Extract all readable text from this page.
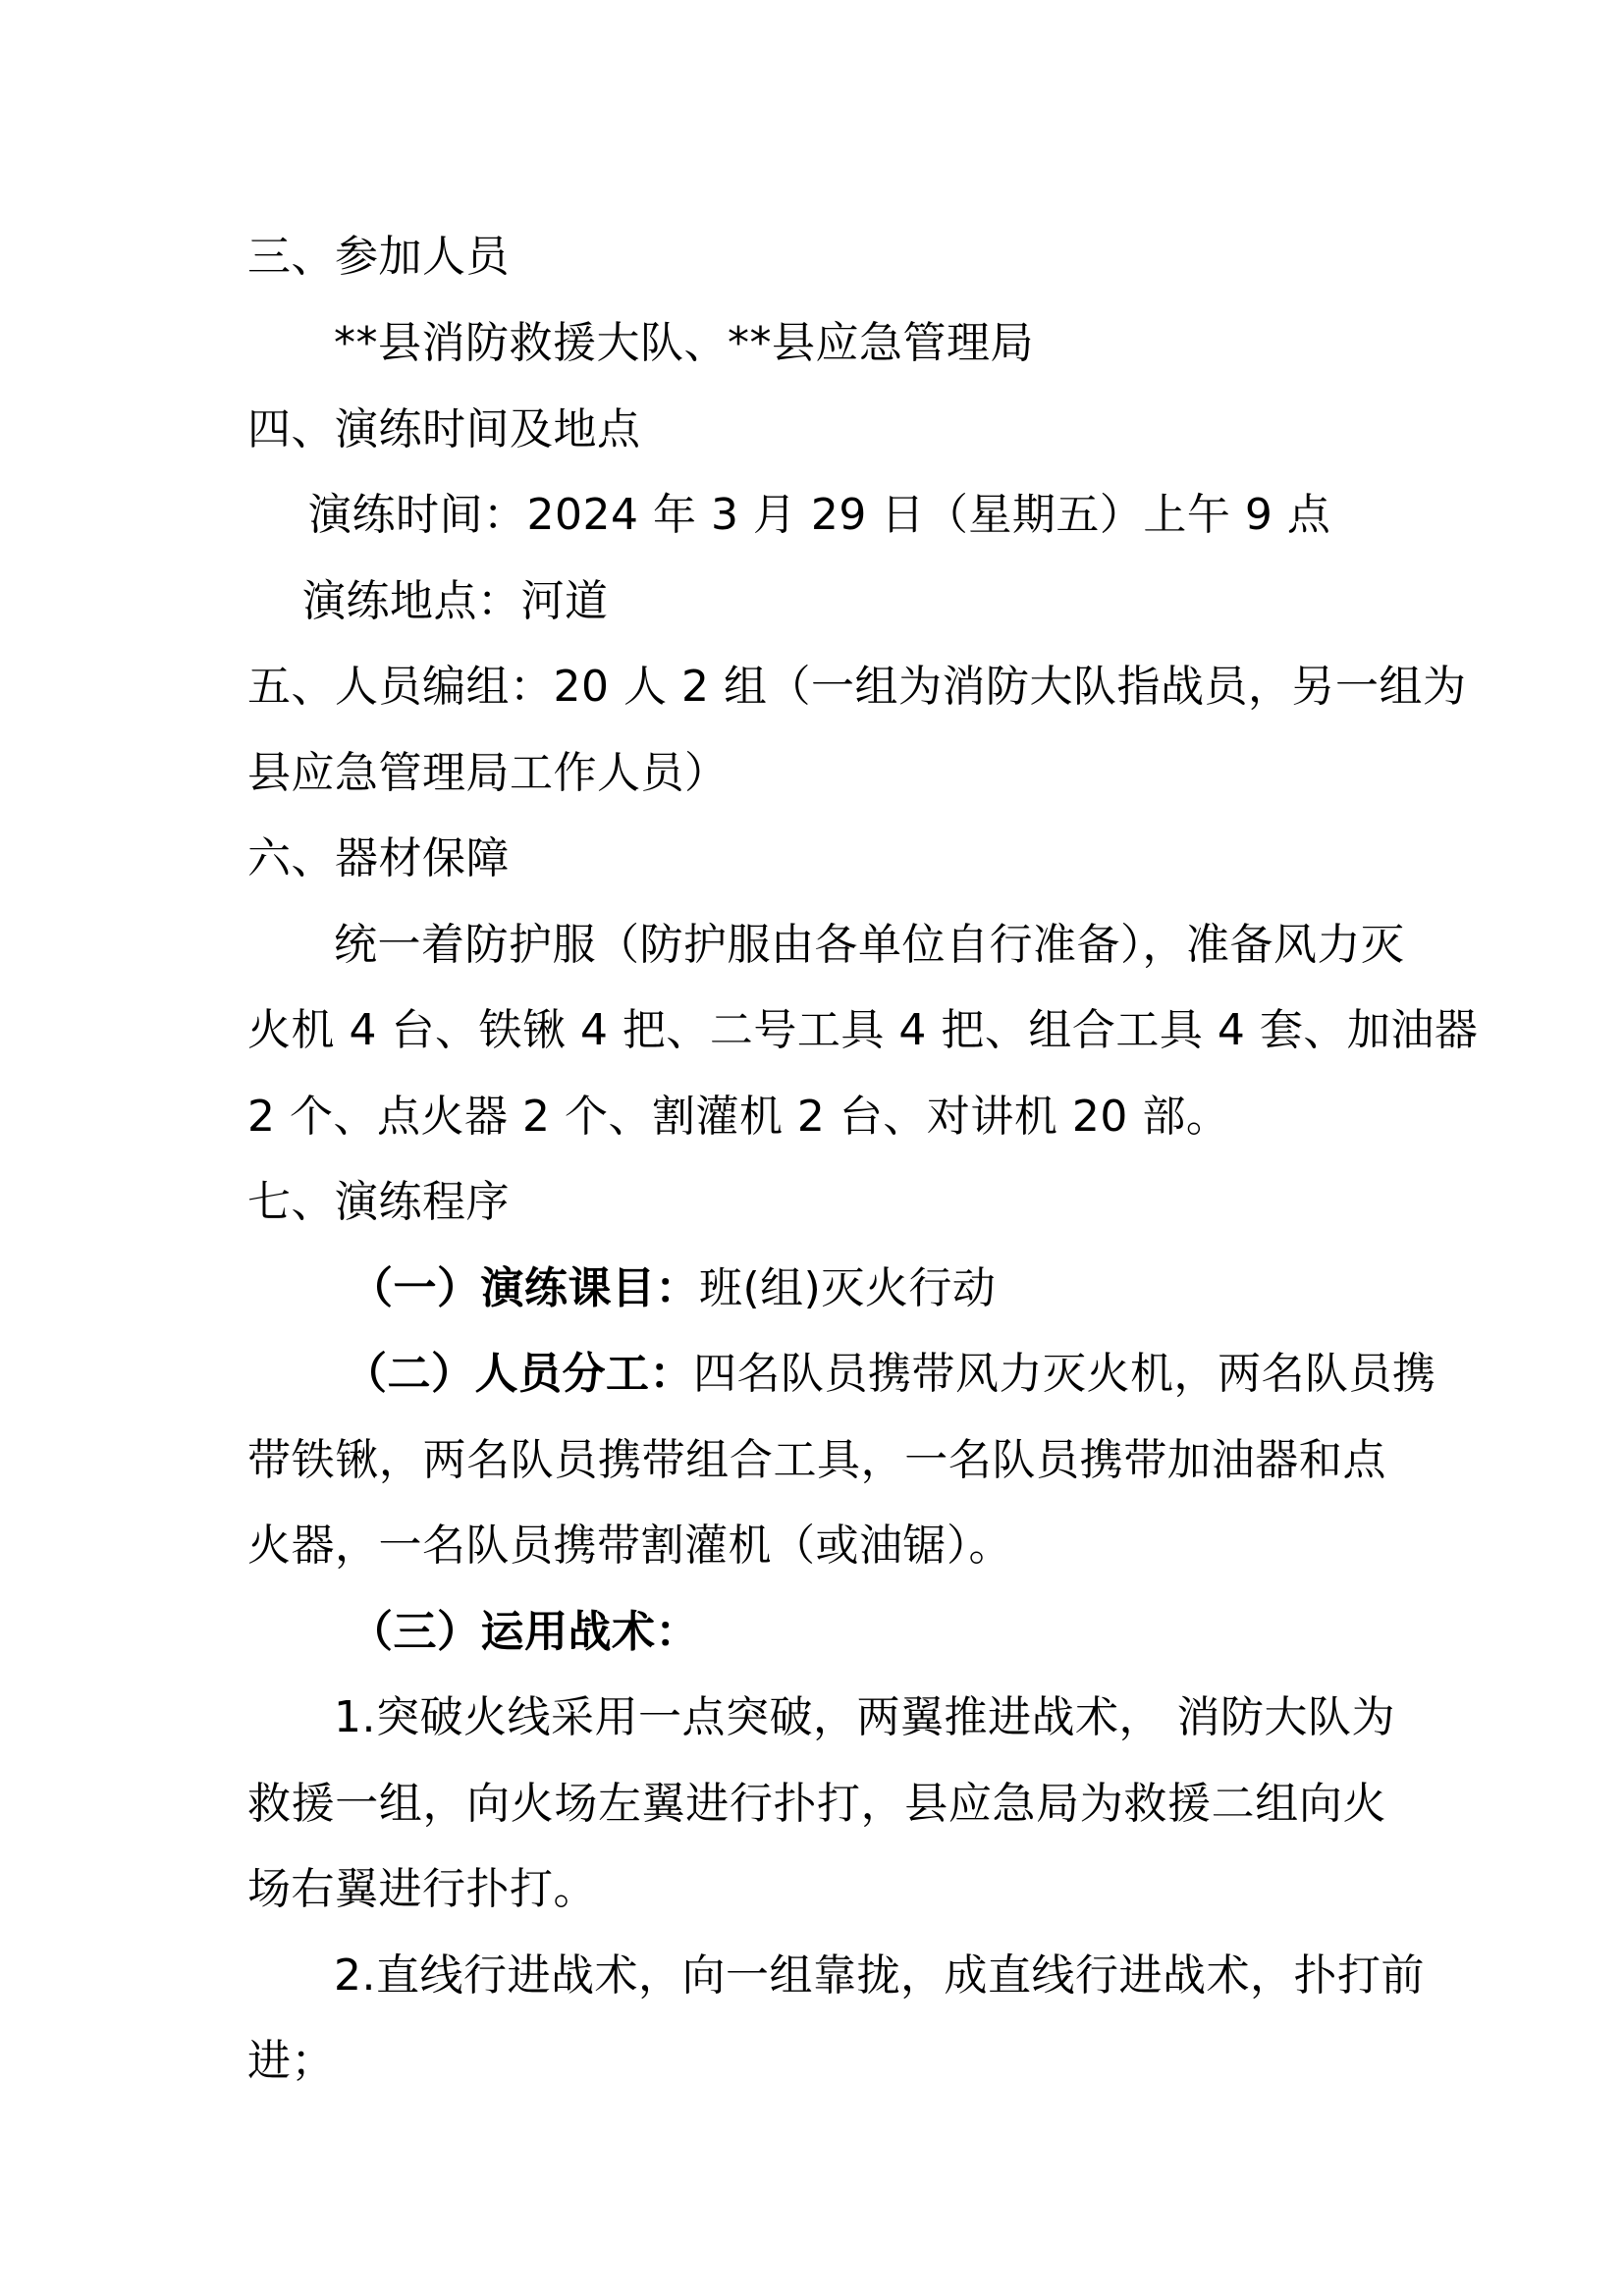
三、参加人员
**县消防救援大队、**县应急管理局
四、演练时间及地点
演练时间：2024 年 3 月 29 日（星期五）上午 9 点
演练地点：河道
五、人员编组：20 人 2 组（一组为消防大队指战员，另一组为
县应急管理局工作人员）
六、器材保障
统一着防护服（防护服由各单位自行准备），准备风力灭
火机 4 台、铁锹 4 把、二号工具 4 把、组合工具 4 套、加油器
2 个、点火器 2 个、割灌机 2 台、对讲机 20 部。
七、演练程序
（一）演练课目：班(组)灭火行动
（二）人员分工：四名队员携带风力灭火机，两名队员携
带铁锹，两名队员携带组合工具，一名队员携带加油器和点
火器，一名队员携带割灌机（或油锯）。
（三）运用战术：
1.突破火线采用一点突破，两翼推进战术， 消防大队为
救援一组，向火场左翼进行扑打，县应急局为救援二组向火
场右翼进行扑打。
2.直线行进战术，向一组靠拢，成直线行进战术，扑打前
进；
